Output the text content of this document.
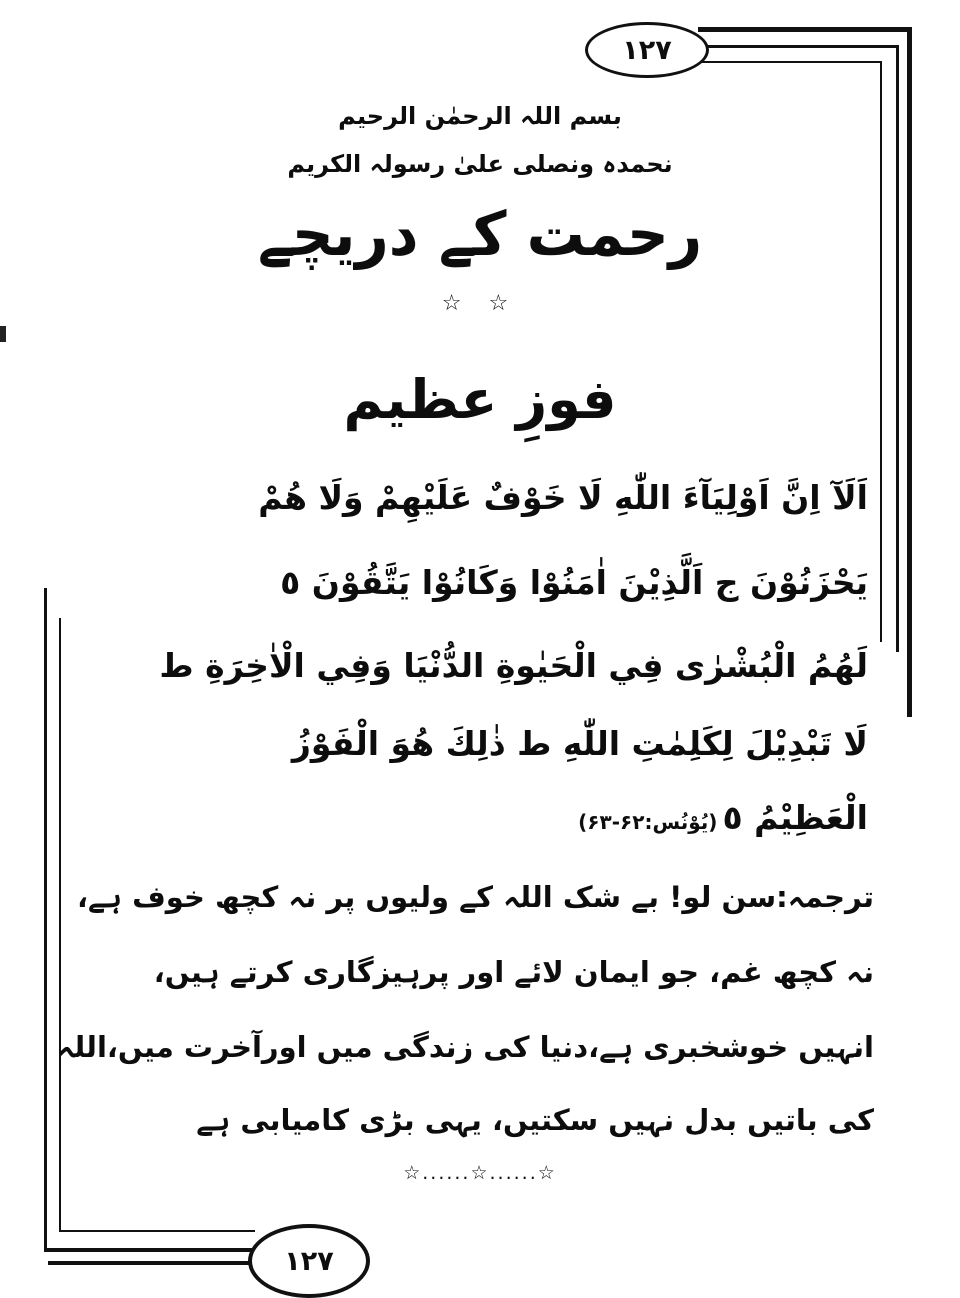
۱۲۷
۱۲۷
بسم اللہ الرحمٰن الرحیم
نحمدہ ونصلی علیٰ رسولہ الکریم
رحمت کے دریچے
☆ ☆
فوزِ عظیم
اَلَآ اِنَّ اَوْلِيَآءَ اللّٰهِ لَا خَوْفٌ عَلَيْهِمْ وَلَا هُمْ
يَحْزَنُوْنَ ج اَلَّذِيْنَ اٰمَنُوْا وَكَانُوْا يَتَّقُوْنَ ٥
لَهُمُ الْبُشْرٰى فِي الْحَيٰوةِ الدُّنْيَا وَفِي الْاٰخِرَةِ ط
لَا تَبْدِيْلَ لِكَلِمٰتِ اللّٰهِ ط ذٰلِكَ هُوَ الْفَوْزُ
الْعَظِيْمُ ٥ (یُوْنُس:۶۲-۶۳)
ترجمہ:سن لو! بے شک اللہ کے ولیوں پر نہ کچھ خوف ہے،
نہ کچھ غم، جو ایمان لائے اور پرہیزگاری کرتے ہیں،
انہیں خوشخبری ہے،دنیا کی زندگی میں اورآخرت میں،اللہ
کی باتیں بدل نہیں سکتیں، یہی بڑی کامیابی ہے
☆......☆......☆
